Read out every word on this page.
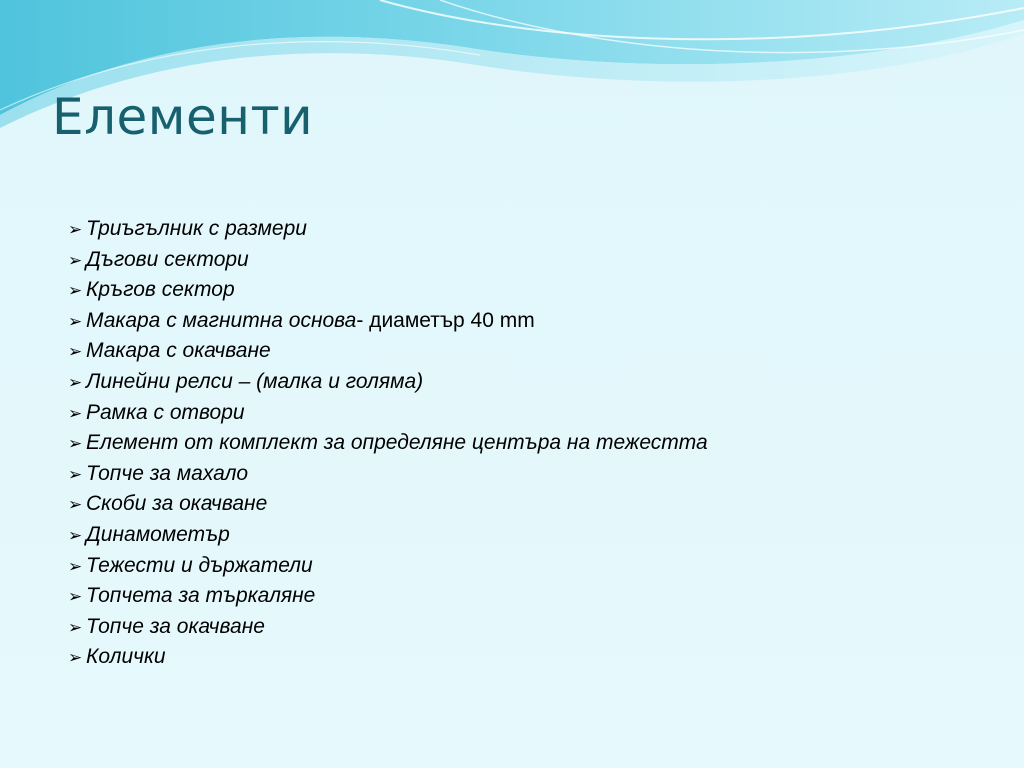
Елементи
➢ Триъгълник с размери
➢ Дъгови сектори
➢ Кръгов сектор
➢ Макара с магнитна основа- диаметър 40 mm
➢ Макара с окачване
➢ Линейни релси – (малка и голяма)
➢ Рамка с отвори
➢ Елемент от комплект за определяне центъра на тежестта
➢ Топче за махало
➢ Скоби за окачване
➢ Динамометър
➢ Тежести и държатели
➢ Топчета за търкаляне
➢ Топче за окачване
➢ Колички
